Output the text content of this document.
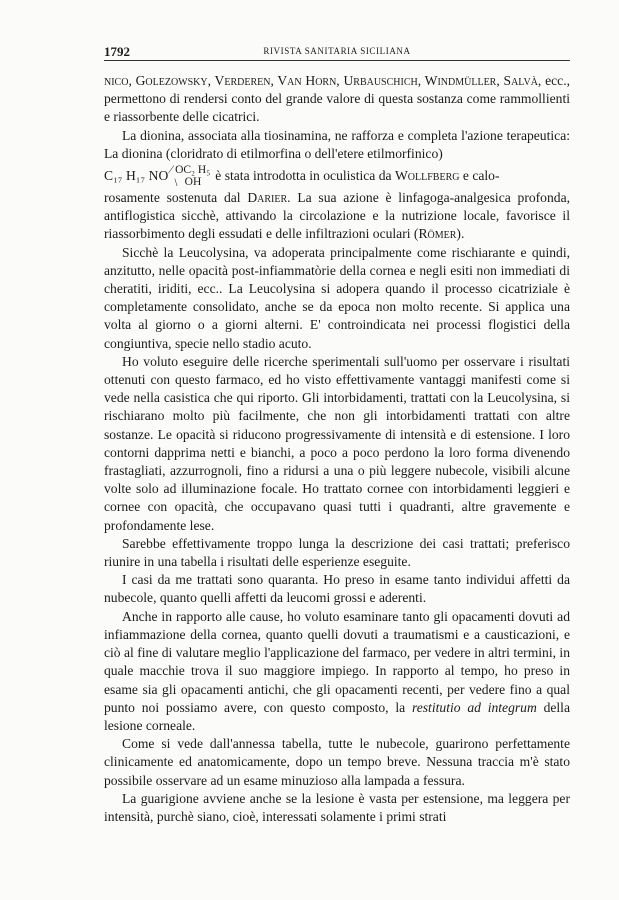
1792	RIVISTA SANITARIA SICILIANA

nico, Golezowsky, Verderen, Van Horn, Urbauschich, Windmüller, Salvà, ecc., permettono di rendersi conto del grande valore di questa sostanza come rammollienti e riassorbente delle cicatrici.

La dionina, associata alla tiosinamina, ne rafforza e completa l'azione terapeutica: La dionina (cloridrato di etilmorfina o dell'etere etilmorfinico)

C₁₇ H₁₇ NO ⁄ OC₂ H₅
﹨ OH	è stata introdotta in oculistica da Wollfberg e calo-

rosamente sostenuta dal Darier. La sua azione è linfagoga-analgesica profonda, antiflogistica sicchè, attivando la circolazione e la nutrizione locale, favorisce il riassorbimento degli essudati e delle infiltrazioni oculari (Römer).

Sicchè la Leucolysina, va adoperata principalmente come rischiarante e quindi, anzitutto, nelle opacità post-infiammatòrie della cornea e negli esiti non immediati di cheratiti, iriditi, ecc.. La Leucolysina si adopera quando il processo cicatriziale è completamente consolidato, anche se da epoca non molto recente. Si applica una volta al giorno o a giorni alterni. E' controindicata nei processi flogistici della congiuntiva, specie nello stadio acuto.

Ho voluto eseguire delle ricerche sperimentali sull'uomo per osservare i risultati ottenuti con questo farmaco, ed ho visto effettivamente vantaggi manifesti come si vede nella casistica che qui riporto. Gli intorbidamenti, trattati con la Leucolysina, si rischiarano molto più facilmente, che non gli intorbidamenti trattati con altre sostanze. Le opacità si riducono progressivamente di intensità e di estensione. I loro contorni dapprima netti e bianchi, a poco a poco perdono la loro forma divenendo frastagliati, azzurrognoli, fino a ridursi a una o più leggere nubecole, visibili alcune volte solo ad illuminazione focale. Ho trattato cornee con intorbidamenti leggieri e cornee con opacità, che occupavano quasi tutti i quadranti, altre gravemente e profondamente lese.

Sarebbe effettivamente troppo lunga la descrizione dei casi trattati; preferisco riunire in una tabella i risultati delle esperienze eseguite.

I casi da me trattati sono quaranta. Ho preso in esame tanto individui affetti da nubecole, quanto quelli affetti da leucomi grossi e aderenti.

Anche in rapporto alle cause, ho voluto esaminare tanto gli opacamenti dovuti ad infiammazione della cornea, quanto quelli dovuti a traumatismi e a causticazioni, e ciò al fine di valutare meglio l'applicazione del farmaco, per vedere in altri termini, in quale macchie trova il suo maggiore impiego. In rapporto al tempo, ho preso in esame sia gli opacamenti antichi, che gli opacamenti recenti, per vedere fino a qual punto noi possiamo avere, con questo composto, la restitutio ad integrum della lesione corneale.

Come si vede dall'annessa tabella, tutte le nubecole, guarirono perfettamente clinicamente ed anatomicamente, dopo un tempo breve. Nessuna traccia m'è stato possibile osservare ad un esame minuzioso alla lampada a fessura.

La guarigione avviene anche se la lesione è vasta per estensione, ma leggera per intensità, purchè siano, cioè, interessati solamente i primi strati
